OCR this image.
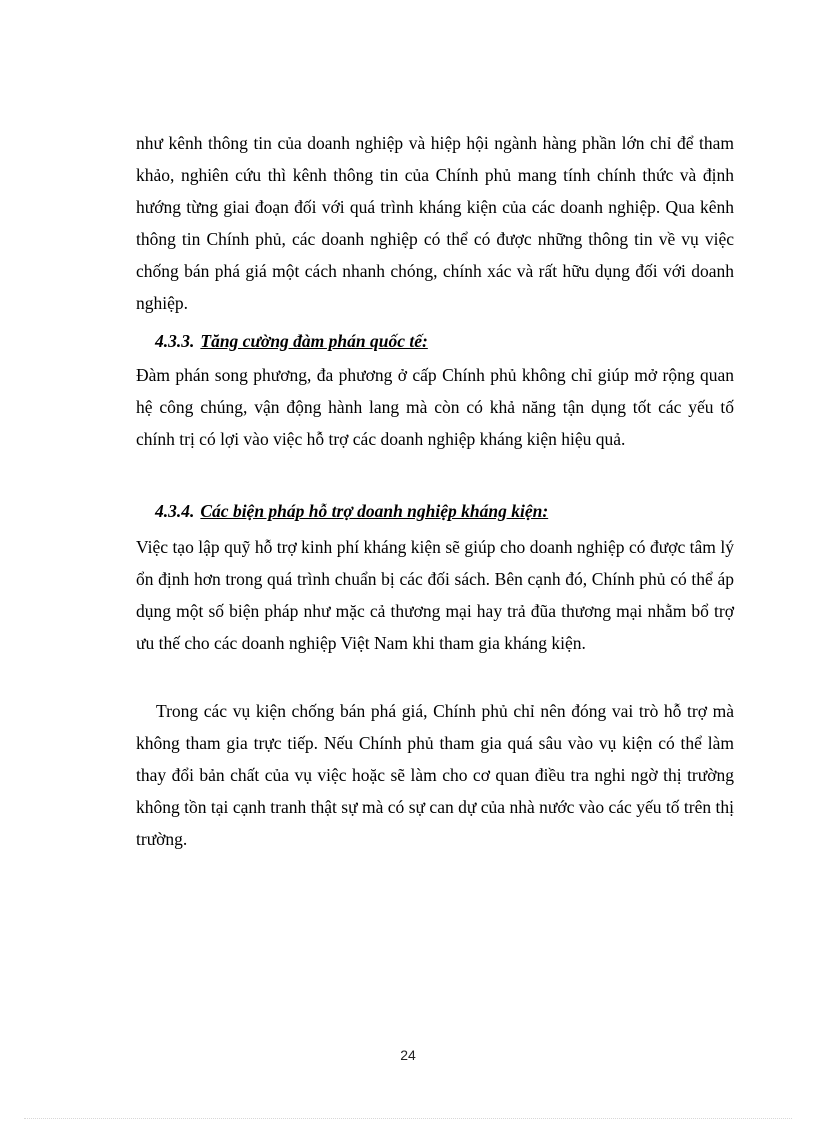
như kênh thông tin của doanh nghiệp và hiệp hội ngành hàng phần lớn chỉ để tham khảo, nghiên cứu thì kênh thông tin của Chính phủ mang tính chính thức và định hướng từng giai đoạn đối với quá trình kháng kiện của các doanh nghiệp. Qua kênh thông tin Chính phủ, các doanh nghiệp có thể có được những thông tin về vụ việc chống bán phá giá một cách nhanh chóng, chính xác và rất hữu dụng đối với doanh nghiệp.

4.3.3. Tăng cường đàm phán quốc tế:

Đàm phán song phương, đa phương ở cấp Chính phủ không chỉ giúp mở rộng quan hệ công chúng, vận động hành lang mà còn có khả năng tận dụng tốt các yếu tố chính trị có lợi vào việc hỗ trợ các doanh nghiệp kháng kiện hiệu quả.

4.3.4. Các biện pháp hỗ trợ doanh nghiệp kháng kiện:

Việc tạo lập quỹ hỗ trợ kinh phí kháng kiện sẽ giúp cho doanh nghiệp có được tâm lý ổn định hơn trong quá trình chuẩn bị các đối sách. Bên cạnh đó, Chính phủ có thể áp dụng một số biện pháp như mặc cả thương mại hay trả đũa thương mại nhằm bổ trợ ưu thế cho các doanh nghiệp Việt Nam khi tham gia kháng kiện.

Trong các vụ kiện chống bán phá giá, Chính phủ chỉ nên đóng vai trò hỗ trợ mà không tham gia trực tiếp. Nếu Chính phủ tham gia quá sâu vào vụ kiện có thể làm thay đổi bản chất của vụ việc hoặc sẽ làm cho cơ quan điều tra nghi ngờ thị trường không tồn tại cạnh tranh thật sự mà có sự can dự của nhà nước vào các yếu tố trên thị trường.

24
